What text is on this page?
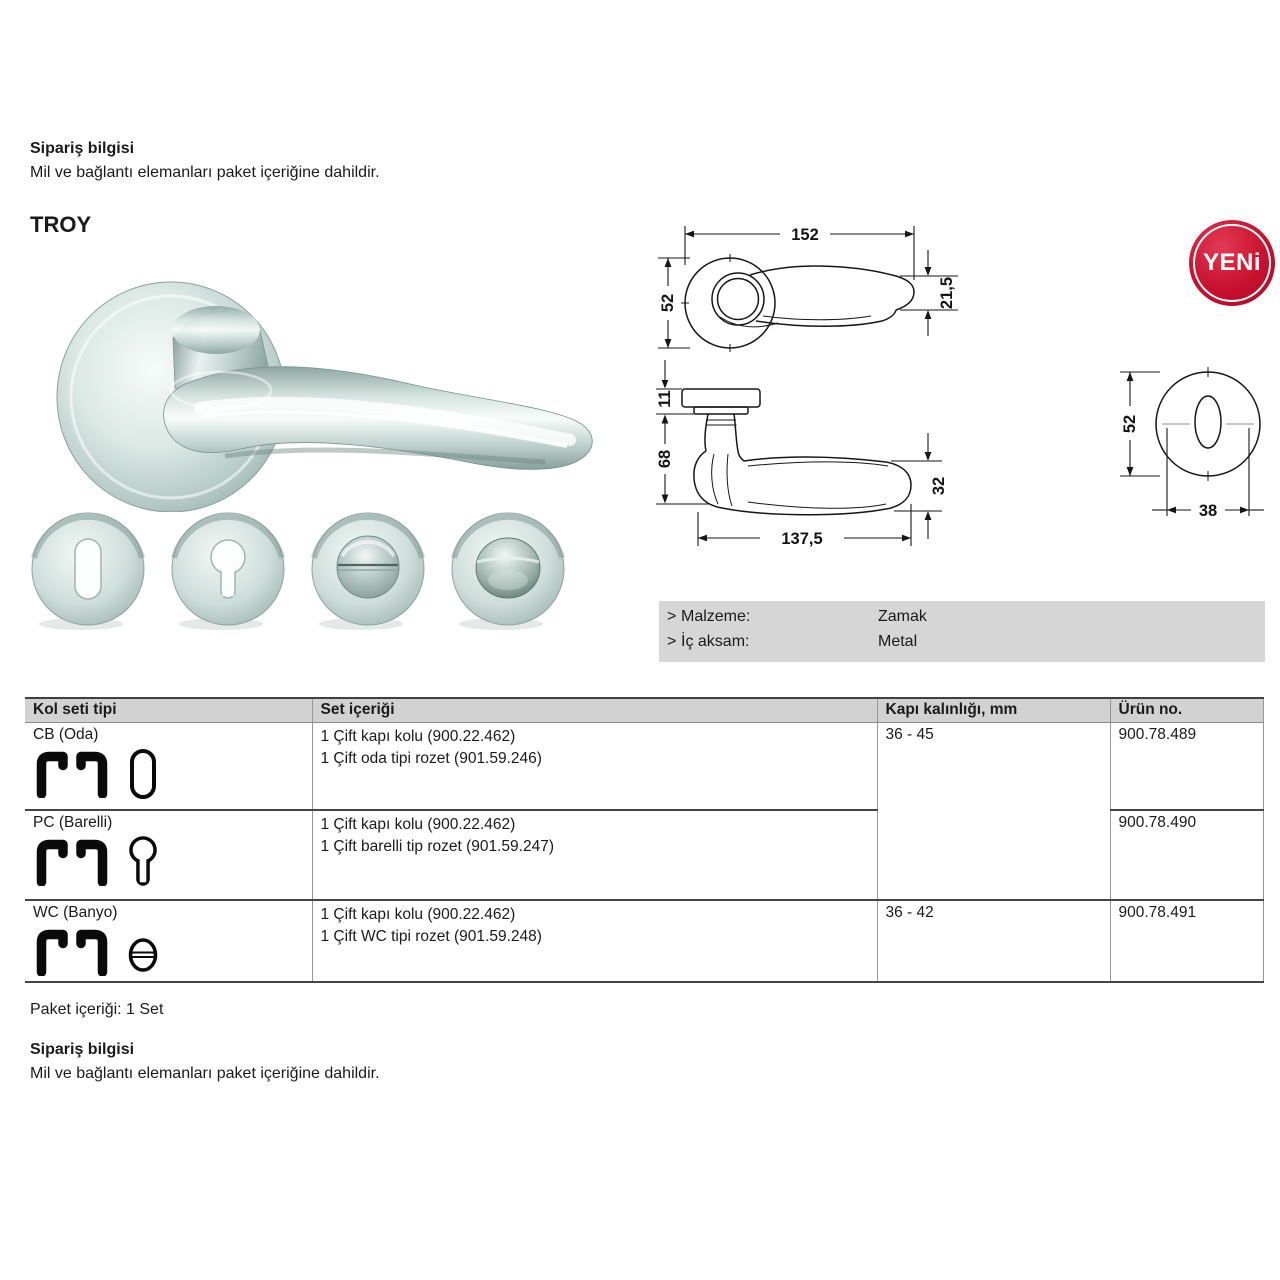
Sipariş bilgisi

Mil ve bağlantı elemanları paket içeriğine dahildir.

TROY	152
52	21,5
11
68
32
137,5
52
38
YENi
> Malzeme:	Zamak
> İç aksam:	Metal
Kol seti tipi	Set içeriği	Kapı kalınlığı, mm	Ürün no.

CB (Oda)	1 Çift kapı kolu (900.22.462)
1 Çift oda tipi rozet (901.59.246)	36 - 45	900.78.489

PC (Barelli)	1 Çift kapı kolu (900.22.462)
1 Çift barelli tip rozet (901.59.247)		900.78.490

WC (Banyo)	1 Çift kapı kolu (900.22.462)
1 Çift WC tipi rozet (901.59.248)	36 - 42	900.78.491

Paket içeriği: 1 Set

Sipariş bilgisi

Mil ve bağlantı elemanları paket içeriğine dahildir.
